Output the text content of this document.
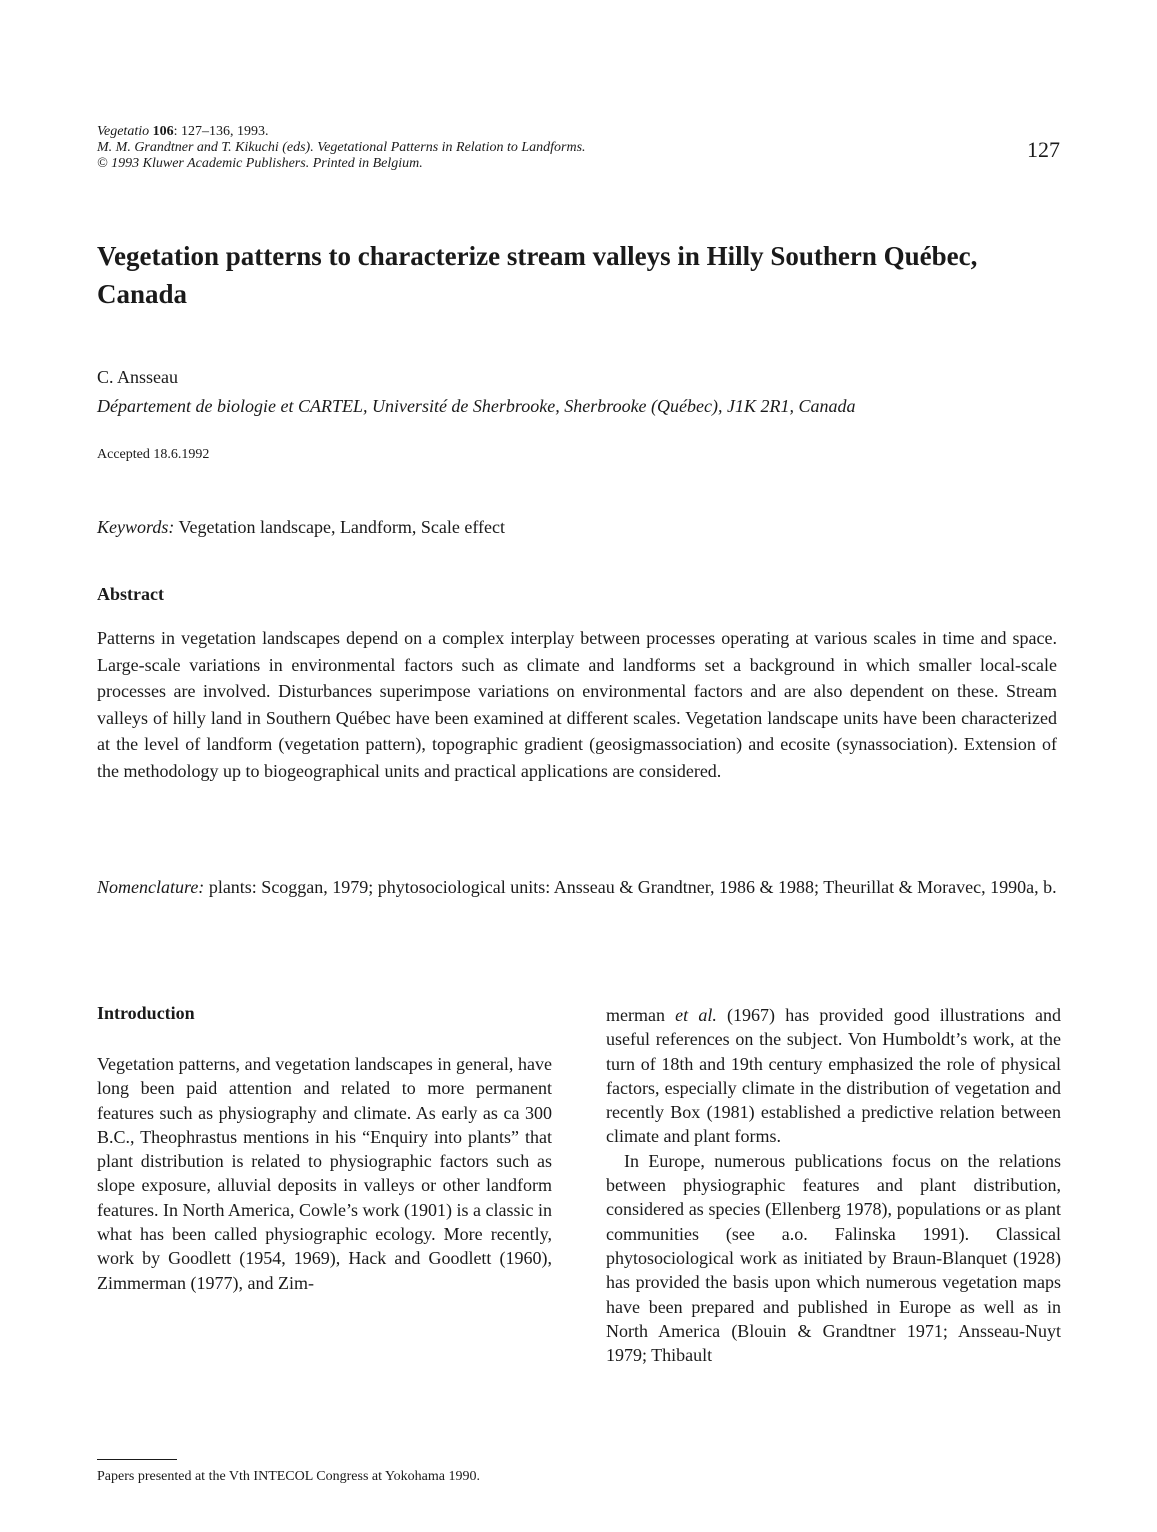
Vegetatio 106: 127–136, 1993.
M. M. Grandtner and T. Kikuchi (eds). Vegetational Patterns in Relation to Landforms.
© 1993 Kluwer Academic Publishers. Printed in Belgium.
127
Vegetation patterns to characterize stream valleys in Hilly Southern Québec, Canada
C. Ansseau
Département de biologie et CARTEL, Université de Sherbrooke, Sherbrooke (Québec), J1K 2R1, Canada
Accepted 18.6.1992
Keywords: Vegetation landscape, Landform, Scale effect
Abstract
Patterns in vegetation landscapes depend on a complex interplay between processes operating at various scales in time and space. Large-scale variations in environmental factors such as climate and landforms set a background in which smaller local-scale processes are involved. Disturbances superimpose variations on environmental factors and are also dependent on these. Stream valleys of hilly land in Southern Québec have been examined at different scales. Vegetation landscape units have been characterized at the level of landform (vegetation pattern), topographic gradient (geosigmassociation) and ecosite (synassociation). Extension of the methodology up to biogeographical units and practical applications are considered.
Nomenclature: plants: Scoggan, 1979; phytosociological units: Ansseau & Grandtner, 1986 & 1988; Theurillat & Moravec, 1990a, b.
Introduction

Vegetation patterns, and vegetation landscapes in general, have long been paid attention and related to more permanent features such as physiography and climate. As early as ca 300 B.C., Theophrastus mentions in his “Enquiry into plants” that plant distribution is related to physiographic factors such as slope exposure, alluvial deposits in valleys or other landform features. In North America, Cowle’s work (1901) is a classic in what has been called physiographic ecology. More recently, work by Goodlett (1954, 1969), Hack and Goodlett (1960), Zimmerman (1977), and Zim-

merman et al. (1967) has provided good illustrations and useful references on the subject. Von Humboldt’s work, at the turn of 18th and 19th century emphasized the role of physical factors, especially climate in the distribution of vegetation and recently Box (1981) established a predictive relation between climate and plant forms.

In Europe, numerous publications focus on the relations between physiographic features and plant distribution, considered as species (Ellenberg 1978), populations or as plant communities (see a.o. Falinska 1991). Classical phytosociological work as initiated by Braun-Blanquet (1928) has provided the basis upon which numerous vegetation maps have been prepared and published in Europe as well as in North America (Blouin & Grandtner 1971; Ansseau-Nuyt 1979; Thibault

Papers presented at the Vth INTECOL Congress at Yokohama 1990.
